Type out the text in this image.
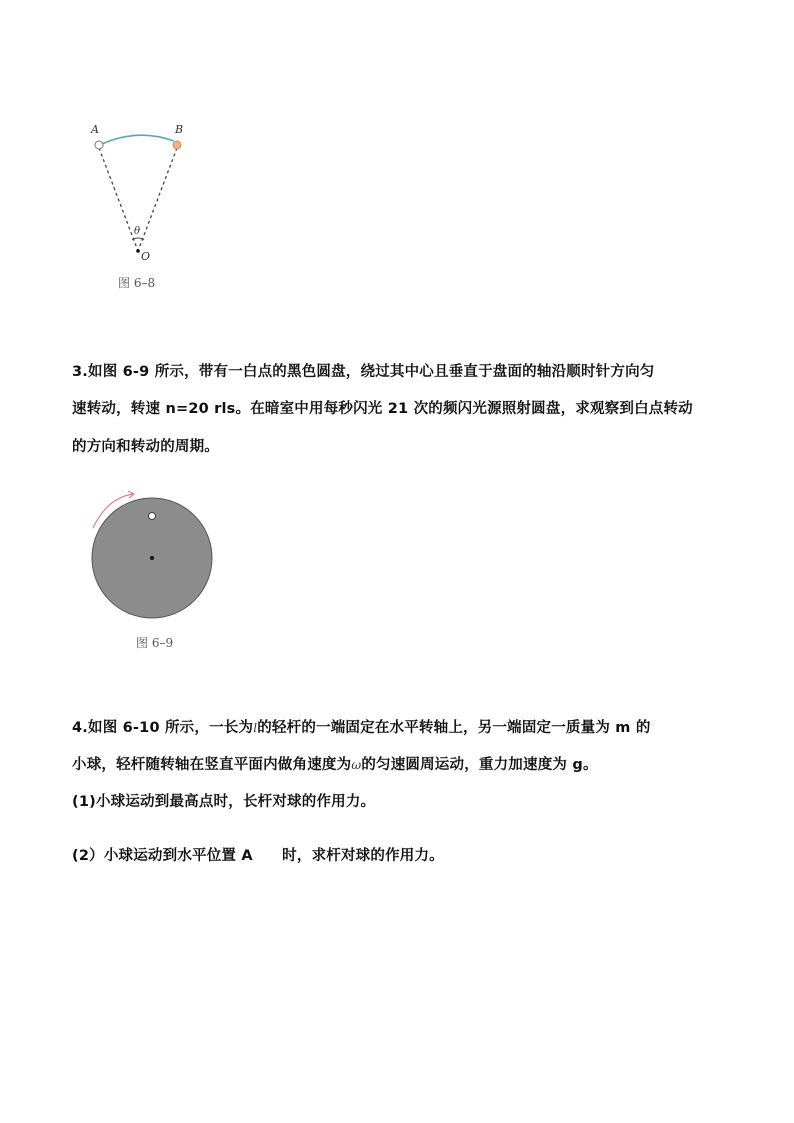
A	B
θ
O
图 6–8
3.如图 6-9 所示，带有一白点的黑色圆盘，绕过其中心且垂直于盘面的轴沿顺时针方向匀
速转动，转速 n=20 rls。在暗室中用每秒闪光 21 次的频闪光源照射圆盘，求观察到白点转动
的方向和转动的周期。
图 6–9
4.如图 6-10 所示，一长为l的轻杆的一端固定在水平转轴上，另一端固定一质量为 m 的
小球，轻杆随转轴在竖直平面内做角速度为ω的匀速圆周运动，重力加速度为 g。
(1)小球运动到最高点时，长杆对球的作用力。
(2）小球运动到水平位置 A　　时，求杆对球的作用力。
